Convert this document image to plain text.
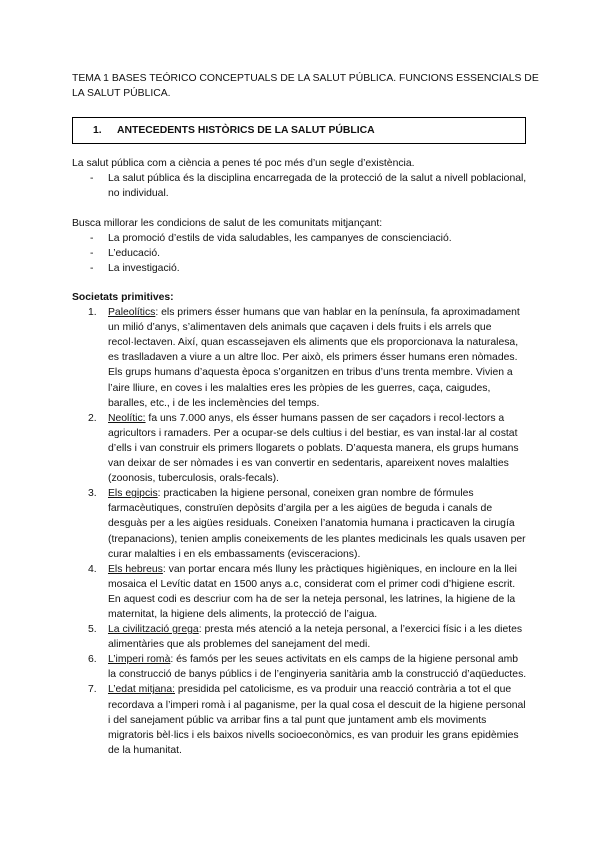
TEMA 1 BASES TEÓRICO CONCEPTUALS DE LA SALUT PÚBLICA. FUNCIONS ESSENCIALS DE LA SALUT PÚBLICA.
1. ANTECEDENTS HISTÒRICS DE LA SALUT PÚBLICA
La salut pública com a ciència a penes té poc més d’un segle d’existència.
- La salut pública és la disciplina encarregada de la protecció de la salut a nivell poblacional, no individual.
Busca millorar les condicions de salut de les comunitats mitjançant:
- La promoció d’estils de vida saludables, les campanyes de conscienciació.
- L’educació.
- La investigació.
Societats primitives:
1. Paleolítics: els primers ésser humans que van hablar en la península, fa aproximadament un milió d’anys, s’alimentaven dels animals que caçaven i dels fruits i els arrels que recol·lectaven. Així, quan escassejaven els aliments que els proporcionava la naturalesa, es traslladaven a viure a un altre lloc. Per això, els primers ésser humans eren nòmades. Els grups humans d’aquesta època s’organitzen en tribus d’uns trenta membre. Vivien a l’aire lliure, en coves i les malalties eres les pròpies de les guerres, caça, caigudes, baralles, etc., i de les inclemències del temps.
2. Neolític: fa uns 7.000 anys, els ésser humans passen de ser caçadors i recol·lectors a agricultors i ramaders. Per a ocupar-se dels cultius i del bestiar, es van instal·lar al costat d’ells i van construir els primers llogarets o poblats. D’aquesta manera, els grups humans van deixar de ser nòmades i es van convertir en sedentaris, apareixent noves malalties (zoonosis, tuberculosis, orals-fecals).
3. Els egipcis: practicaben la higiene personal, coneixen gran nombre de fórmules farmacèutiques, construïen depòsits d’argila per a les aigües de beguda i canals de desguàs per a les aigües residuals. Coneixen l’anatomia humana i practicaven la cirugía (trepanacions), tenien amplis coneixements de les plantes medicinals les quals usaven per curar malalties i en els embassaments (evisceracions).
4. Els hebreus: van portar encara més lluny les pràctiques higièniques, en incloure en la llei mosaica el Levític datat en 1500 anys a.c, considerat com el primer codi d’higiene escrit. En aquest codi es descriur com ha de ser la neteja personal, les latrines, la higiene de la maternitat, la higiene dels aliments, la protecció de l’aigua.
5. La civilització grega: presta més atenció a la neteja personal, a l’exercici físic i a les dietes alimentàries que als problemes del sanejament del medi.
6. L’imperi romà: és famós per les seues activitats en els camps de la higiene personal amb la construcció de banys públics i de l’enginyeria sanitària amb la construcció d’aqüeductes.
7. L’edat mitjana: presidida pel catolicisme, es va produir una reacció contrària a tot el que recordava a l’imperi romà i al paganisme, per la qual cosa el descuit de la higiene personal i del sanejament públic va arribar fins a tal punt que juntament amb els moviments migratoris bèl·lics i els baixos nivells socioeconòmics, es van produir les grans epidèmies de la humanitat.
